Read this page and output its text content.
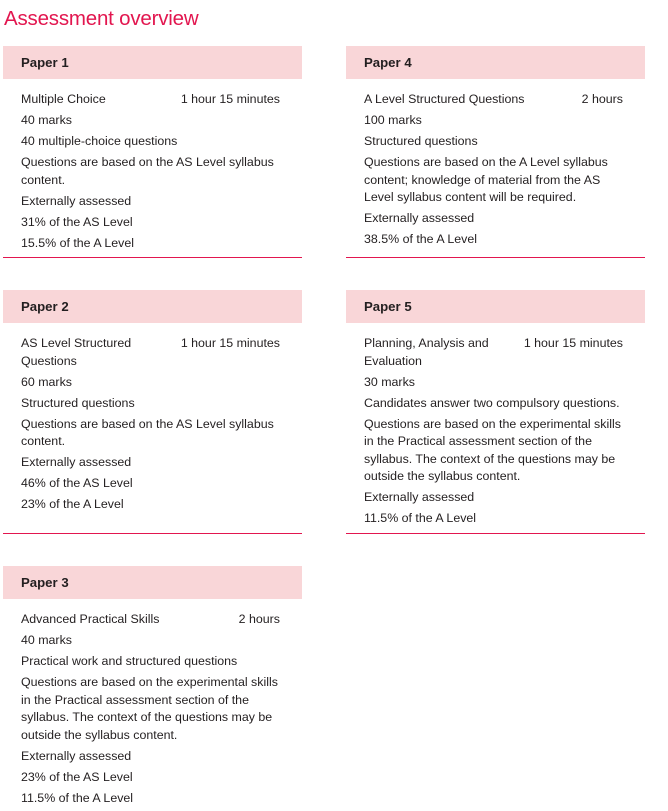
Assessment overview
Paper 1
Multiple Choice	1 hour 15 minutes
40 marks
40 multiple-choice questions
Questions are based on the AS Level syllabus content.
Externally assessed
31% of the AS Level
15.5% of the A Level
Paper 4
A Level Structured Questions	2 hours
100 marks
Structured questions
Questions are based on the A Level syllabus content; knowledge of material from the AS Level syllabus content will be required.
Externally assessed
38.5% of the A Level
Paper 2
AS Level Structured Questions
1 hour 15 minutes
60 marks
Structured questions
Questions are based on the AS Level syllabus content.
Externally assessed
46% of the AS Level
23% of the A Level
Paper 5
Planning, Analysis and Evaluation
1 hour 15 minutes
30 marks
Candidates answer two compulsory questions.
Questions are based on the experimental skills in the Practical assessment section of the syllabus. The context of the questions may be outside the syllabus content.
Externally assessed
11.5% of the A Level
Paper 3
Advanced Practical Skills	2 hours
40 marks
Practical work and structured questions
Questions are based on the experimental skills in the Practical assessment section of the syllabus. The context of the questions may be outside the syllabus content.
Externally assessed
23% of the AS Level
11.5% of the A Level
